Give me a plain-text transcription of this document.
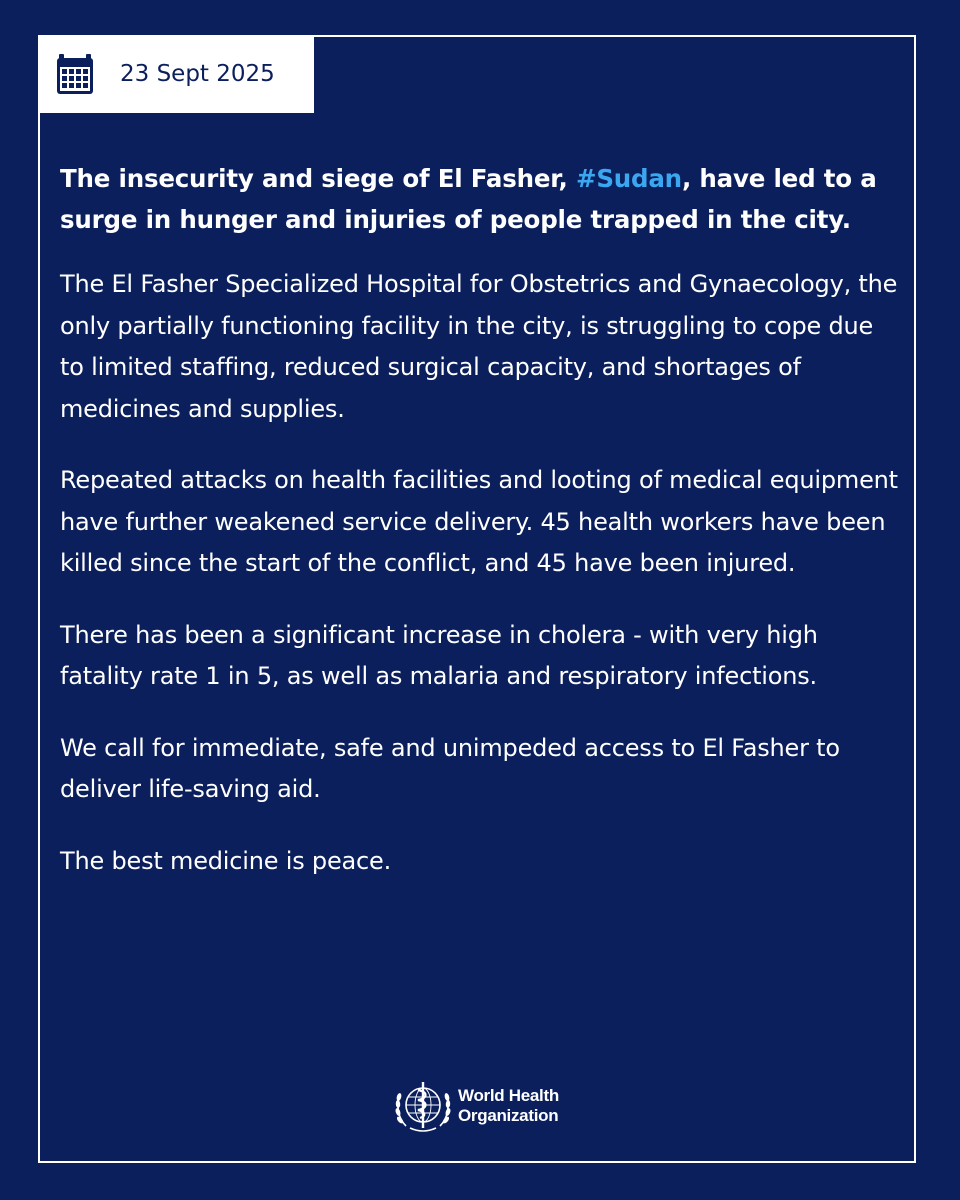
23 Sept 2025

The insecurity and siege of El Fasher, #Sudan, have led to a surge in hunger and injuries of people trapped in the city.

The El Fasher Specialized Hospital for Obstetrics and Gynaecology, the only partially functioning facility in the city, is struggling to cope due to limited staffing, reduced surgical capacity, and shortages of medicines and supplies.

Repeated attacks on health facilities and looting of medical equipment have further weakened service delivery. 45 health workers have been killed since the start of the conflict, and 45 have been injured.

There has been a significant increase in cholera - with very high fatality rate 1 in 5, as well as malaria and respiratory infections.

We call for immediate, safe and unimpeded access to El Fasher to deliver life-saving aid.

The best medicine is peace.

World Health
Organization
